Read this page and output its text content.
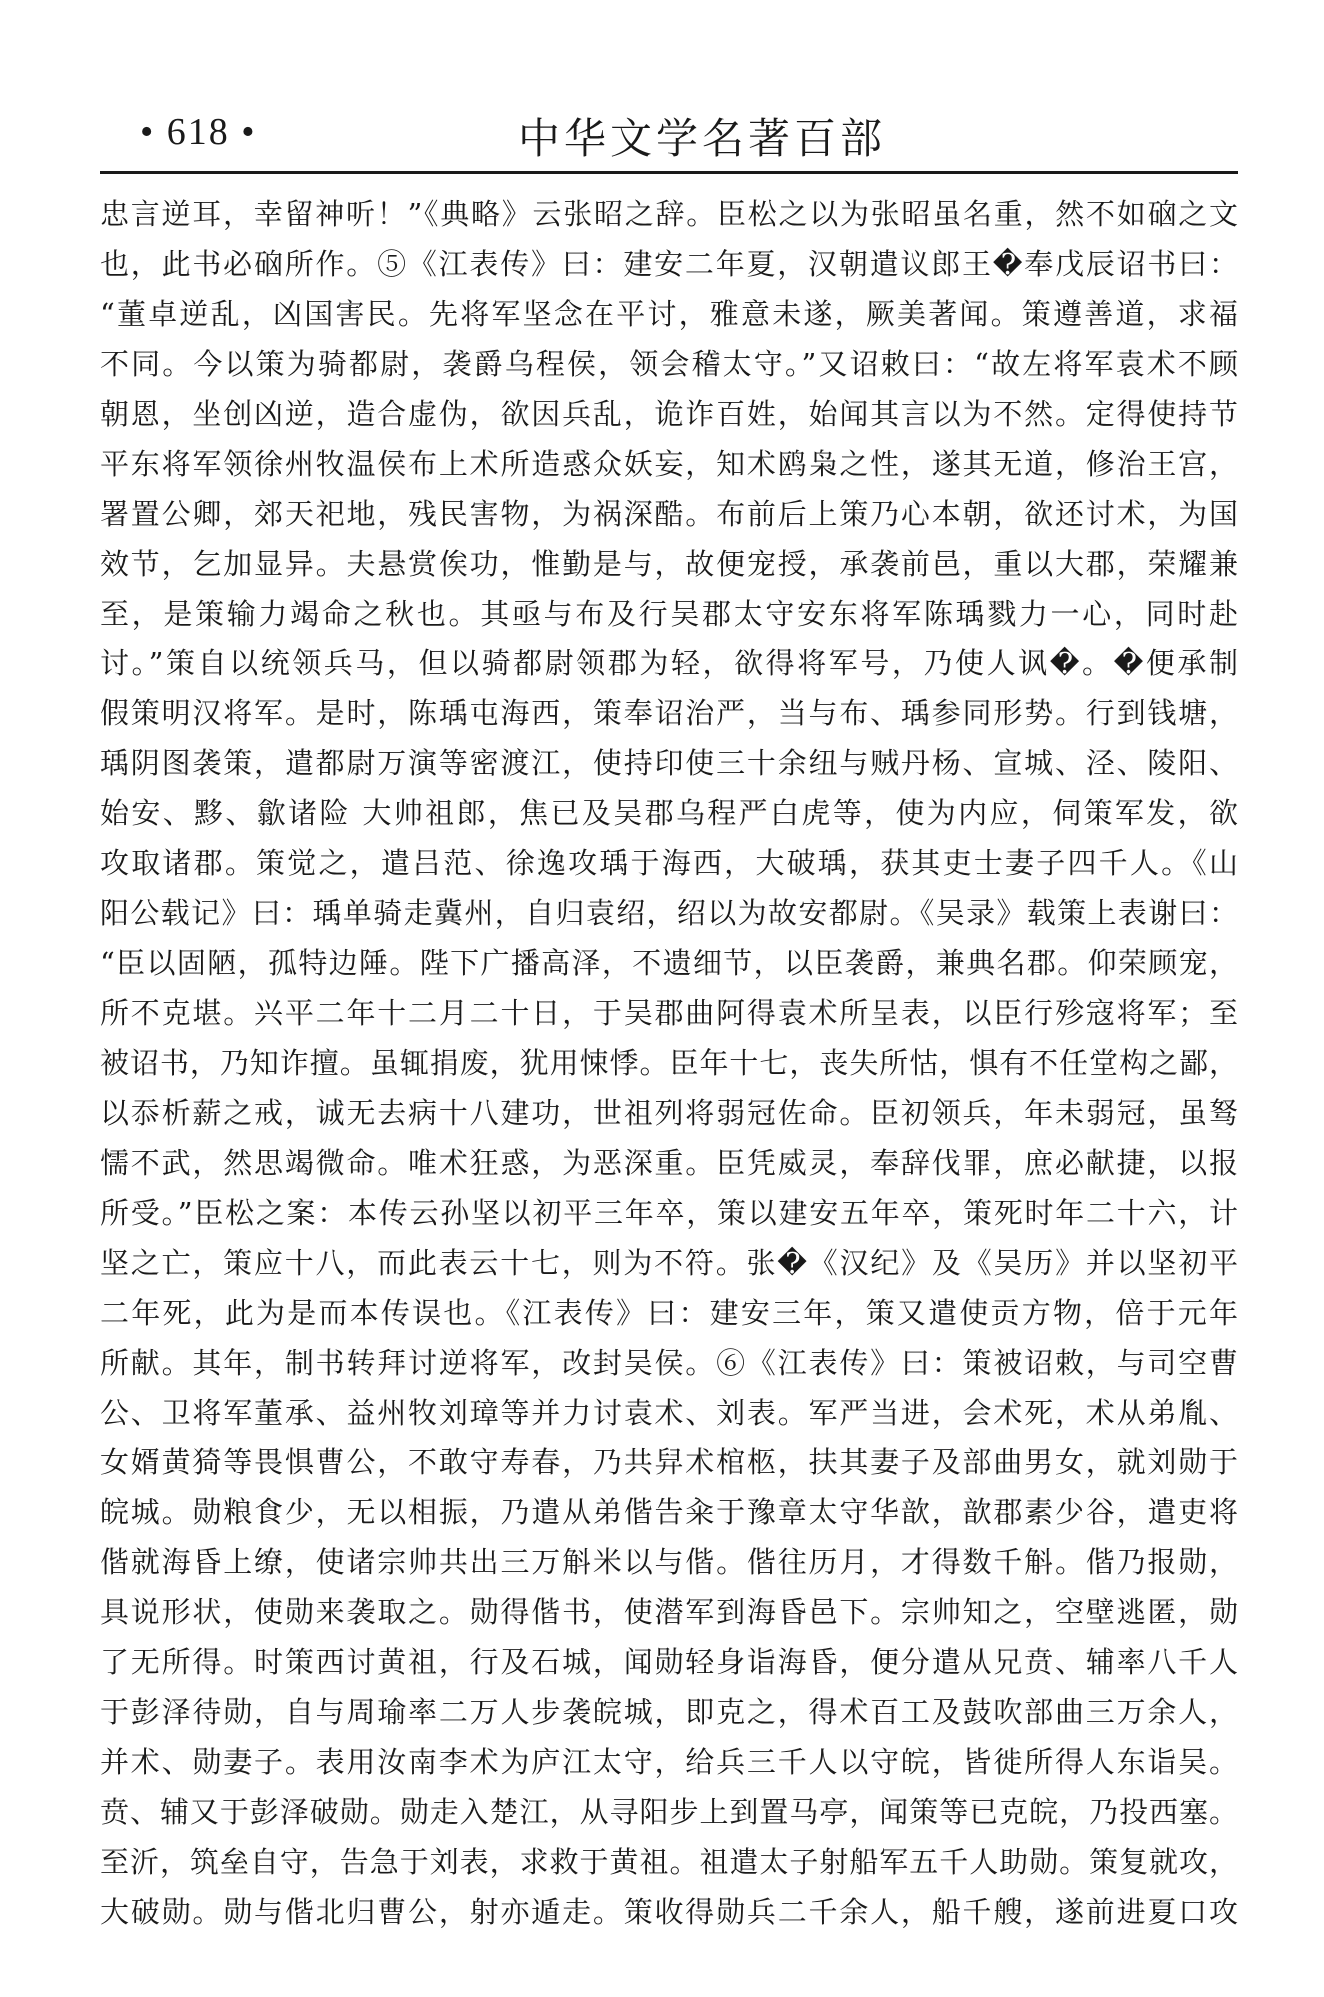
• 618 •	中华文学名著百部
忠言逆耳，幸留神听！”《典略》云张昭之辞。臣松之以为张昭虽名重，然不如硇之文
也，此书必硇所作。⑤《江表传》曰：建安二年夏，汉朝遣议郎王�奉戊辰诏书曰：
“董卓逆乱，凶国害民。先将军坚念在平讨，雅意未遂，厥美著闻。策遵善道，求福
不同。今以策为骑都尉，袭爵乌程侯，领会稽太守。”又诏敕曰：“故左将军袁术不顾
朝恩，坐创凶逆，造合虚伪，欲因兵乱，诡诈百姓，始闻其言以为不然。定得使持节
平东将军领徐州牧温侯布上术所造惑众妖妄，知术鸥枭之性，遂其无道，修治王宫，
署置公卿，郊天祀地，残民害物，为祸深酷。布前后上策乃心本朝，欲还讨术，为国
效节，乞加显异。夫悬赏俟功，惟勤是与，故便宠授，承袭前邑，重以大郡，荣耀兼
至，是策输力竭命之秋也。其亟与布及行吴郡太守安东将军陈瑀戮力一心，同时赴
讨。”策自以统领兵马，但以骑都尉领郡为轻，欲得将军号，乃使人讽�。�便承制
假策明汉将军。是时，陈瑀屯海西，策奉诏治严，当与布、瑀参同形势。行到钱塘，
瑀阴图袭策，遣都尉万演等密渡江，使持印使三十余纽与贼丹杨、宣城、泾、陵阳、
始安、黟、歙诸险 大帅祖郎，焦已及吴郡乌程严白虎等，使为内应，伺策军发，欲
攻取诸郡。策觉之，遣吕范、徐逸攻瑀于海西，大破瑀，获其吏士妻子四千人。《山
阳公载记》曰：瑀单骑走冀州，自归袁绍，绍以为故安都尉。《吴录》载策上表谢曰：
“臣以固陋，孤特边陲。陛下广播高泽，不遗细节，以臣袭爵，兼典名郡。仰荣顾宠，
所不克堪。兴平二年十二月二十日，于吴郡曲阿得袁术所呈表，以臣行殄寇将军；至
被诏书，乃知诈擅。虽辄捐废，犹用悚悸。臣年十七，丧失所怙，惧有不任堂构之鄙，
以忝析薪之戒，诚无去病十八建功，世祖列将弱冠佐命。臣初领兵，年未弱冠，虽驽
懦不武，然思竭微命。唯术狂惑，为恶深重。臣凭威灵，奉辞伐罪，庶必献捷，以报
所受。”臣松之案：本传云孙坚以初平三年卒，策以建安五年卒，策死时年二十六，计
坚之亡，策应十八，而此表云十七，则为不符。张�《汉纪》及《吴历》并以坚初平
二年死，此为是而本传误也。《江表传》曰：建安三年，策又遣使贡方物，倍于元年
所献。其年，制书转拜讨逆将军，改封吴侯。⑥《江表传》曰：策被诏敕，与司空曹
公、卫将军董承、益州牧刘璋等并力讨袁术、刘表。军严当进，会术死，术从弟胤、
女婿黄猗等畏惧曹公，不敢守寿春，乃共舁术棺柩，扶其妻子及部曲男女，就刘勋于
皖城。勋粮食少，无以相振，乃遣从弟偕告籴于豫章太守华歆，歆郡素少谷，遣吏将
偕就海昏上缭，使诸宗帅共出三万斛米以与偕。偕往历月，才得数千斛。偕乃报勋，
具说形状，使勋来袭取之。勋得偕书，使潜军到海昏邑下。宗帅知之，空壁逃匿，勋
了无所得。时策西讨黄祖，行及石城，闻勋轻身诣海昏，便分遣从兄贲、辅率八千人
于彭泽待勋，自与周瑜率二万人步袭皖城，即克之，得术百工及鼓吹部曲三万余人，
并术、勋妻子。表用汝南李术为庐江太守，给兵三千人以守皖，皆徙所得人东诣吴。
贲、辅又于彭泽破勋。勋走入楚江，从寻阳步上到置马亭，闻策等已克皖，乃投西塞。
至沂，筑垒自守，告急于刘表，求救于黄祖。祖遣太子射船军五千人助勋。策复就攻，
大破勋。勋与偕北归曹公，射亦遁走。策收得勋兵二千余人，船千艘，遂前进夏口攻
